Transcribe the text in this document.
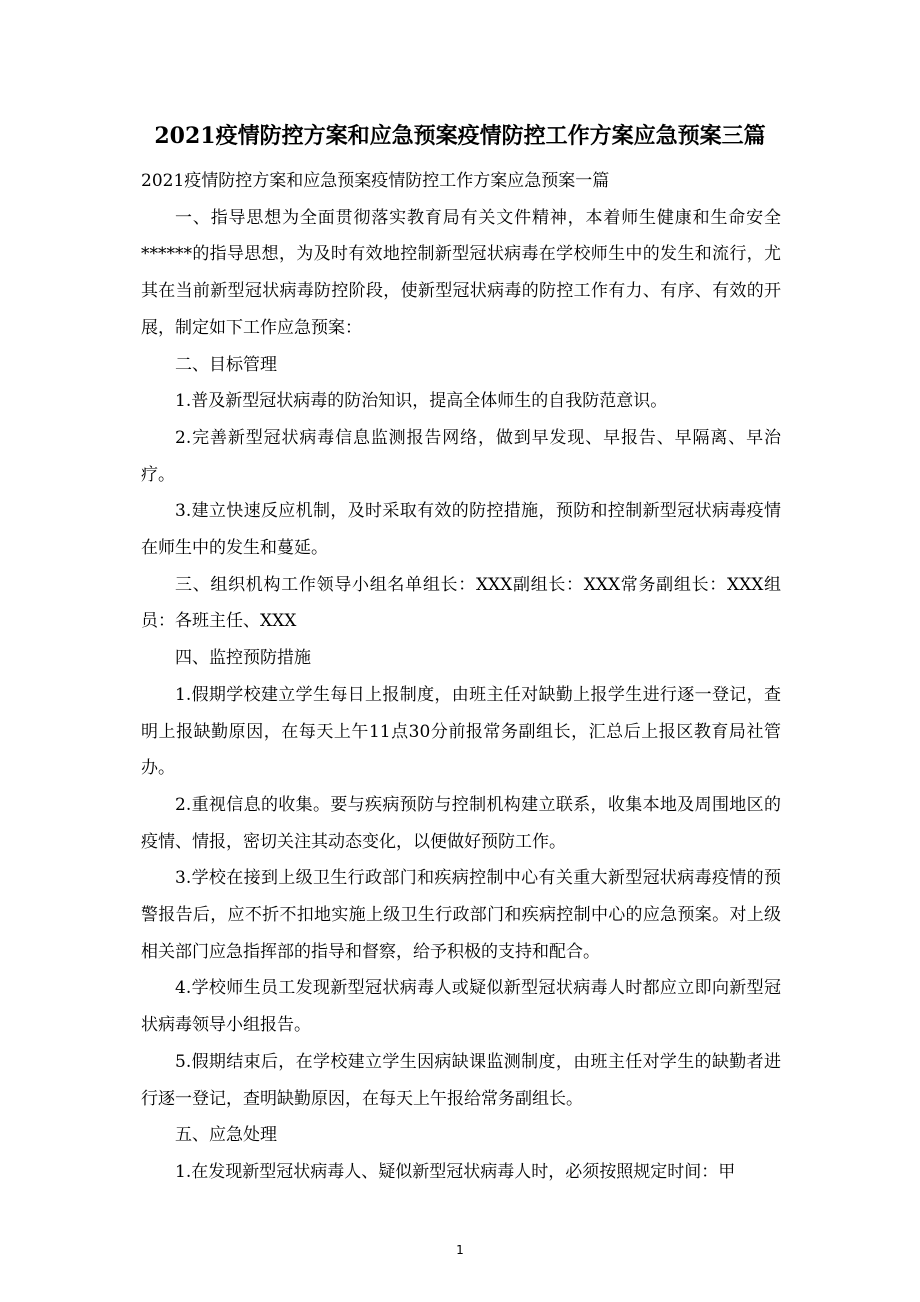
2021疫情防控方案和应急预案疫情防控工作方案应急预案三篇

2021疫情防控方案和应急预案疫情防控工作方案应急预案一篇

一、指导思想为全面贯彻落实教育局有关文件精神，本着师生健康和生命安全******的指导思想，为及时有效地控制新型冠状病毒在学校师生中的发生和流行，尤其在当前新型冠状病毒防控阶段，使新型冠状病毒的防控工作有力、有序、有效的开展，制定如下工作应急预案：

二、目标管理

1.普及新型冠状病毒的防治知识，提高全体师生的自我防范意识。

2.完善新型冠状病毒信息监测报告网络，做到早发现、早报告、早隔离、早治疗。

3.建立快速反应机制，及时采取有效的防控措施，预防和控制新型冠状病毒疫情在师生中的发生和蔓延。

三、组织机构工作领导小组名单组长：XXX副组长：XXX常务副组长：XXX组员：各班主任、XXX

四、监控预防措施

1.假期学校建立学生每日上报制度，由班主任对缺勤上报学生进行逐一登记，查明上报缺勤原因，在每天上午11点30分前报常务副组长，汇总后上报区教育局社管办。

2.重视信息的收集。要与疾病预防与控制机构建立联系，收集本地及周围地区的疫情、情报，密切关注其动态变化，以便做好预防工作。

3.学校在接到上级卫生行政部门和疾病控制中心有关重大新型冠状病毒疫情的预警报告后，应不折不扣地实施上级卫生行政部门和疾病控制中心的应急预案。对上级相关部门应急指挥部的指导和督察，给予积极的支持和配合。

4.学校师生员工发现新型冠状病毒人或疑似新型冠状病毒人时都应立即向新型冠状病毒领导小组报告。

5.假期结束后，在学校建立学生因病缺课监测制度，由班主任对学生的缺勤者进行逐一登记，查明缺勤原因，在每天上午报给常务副组长。

五、应急处理

1.在发现新型冠状病毒人、疑似新型冠状病毒人时，必须按照规定时间：甲

1
